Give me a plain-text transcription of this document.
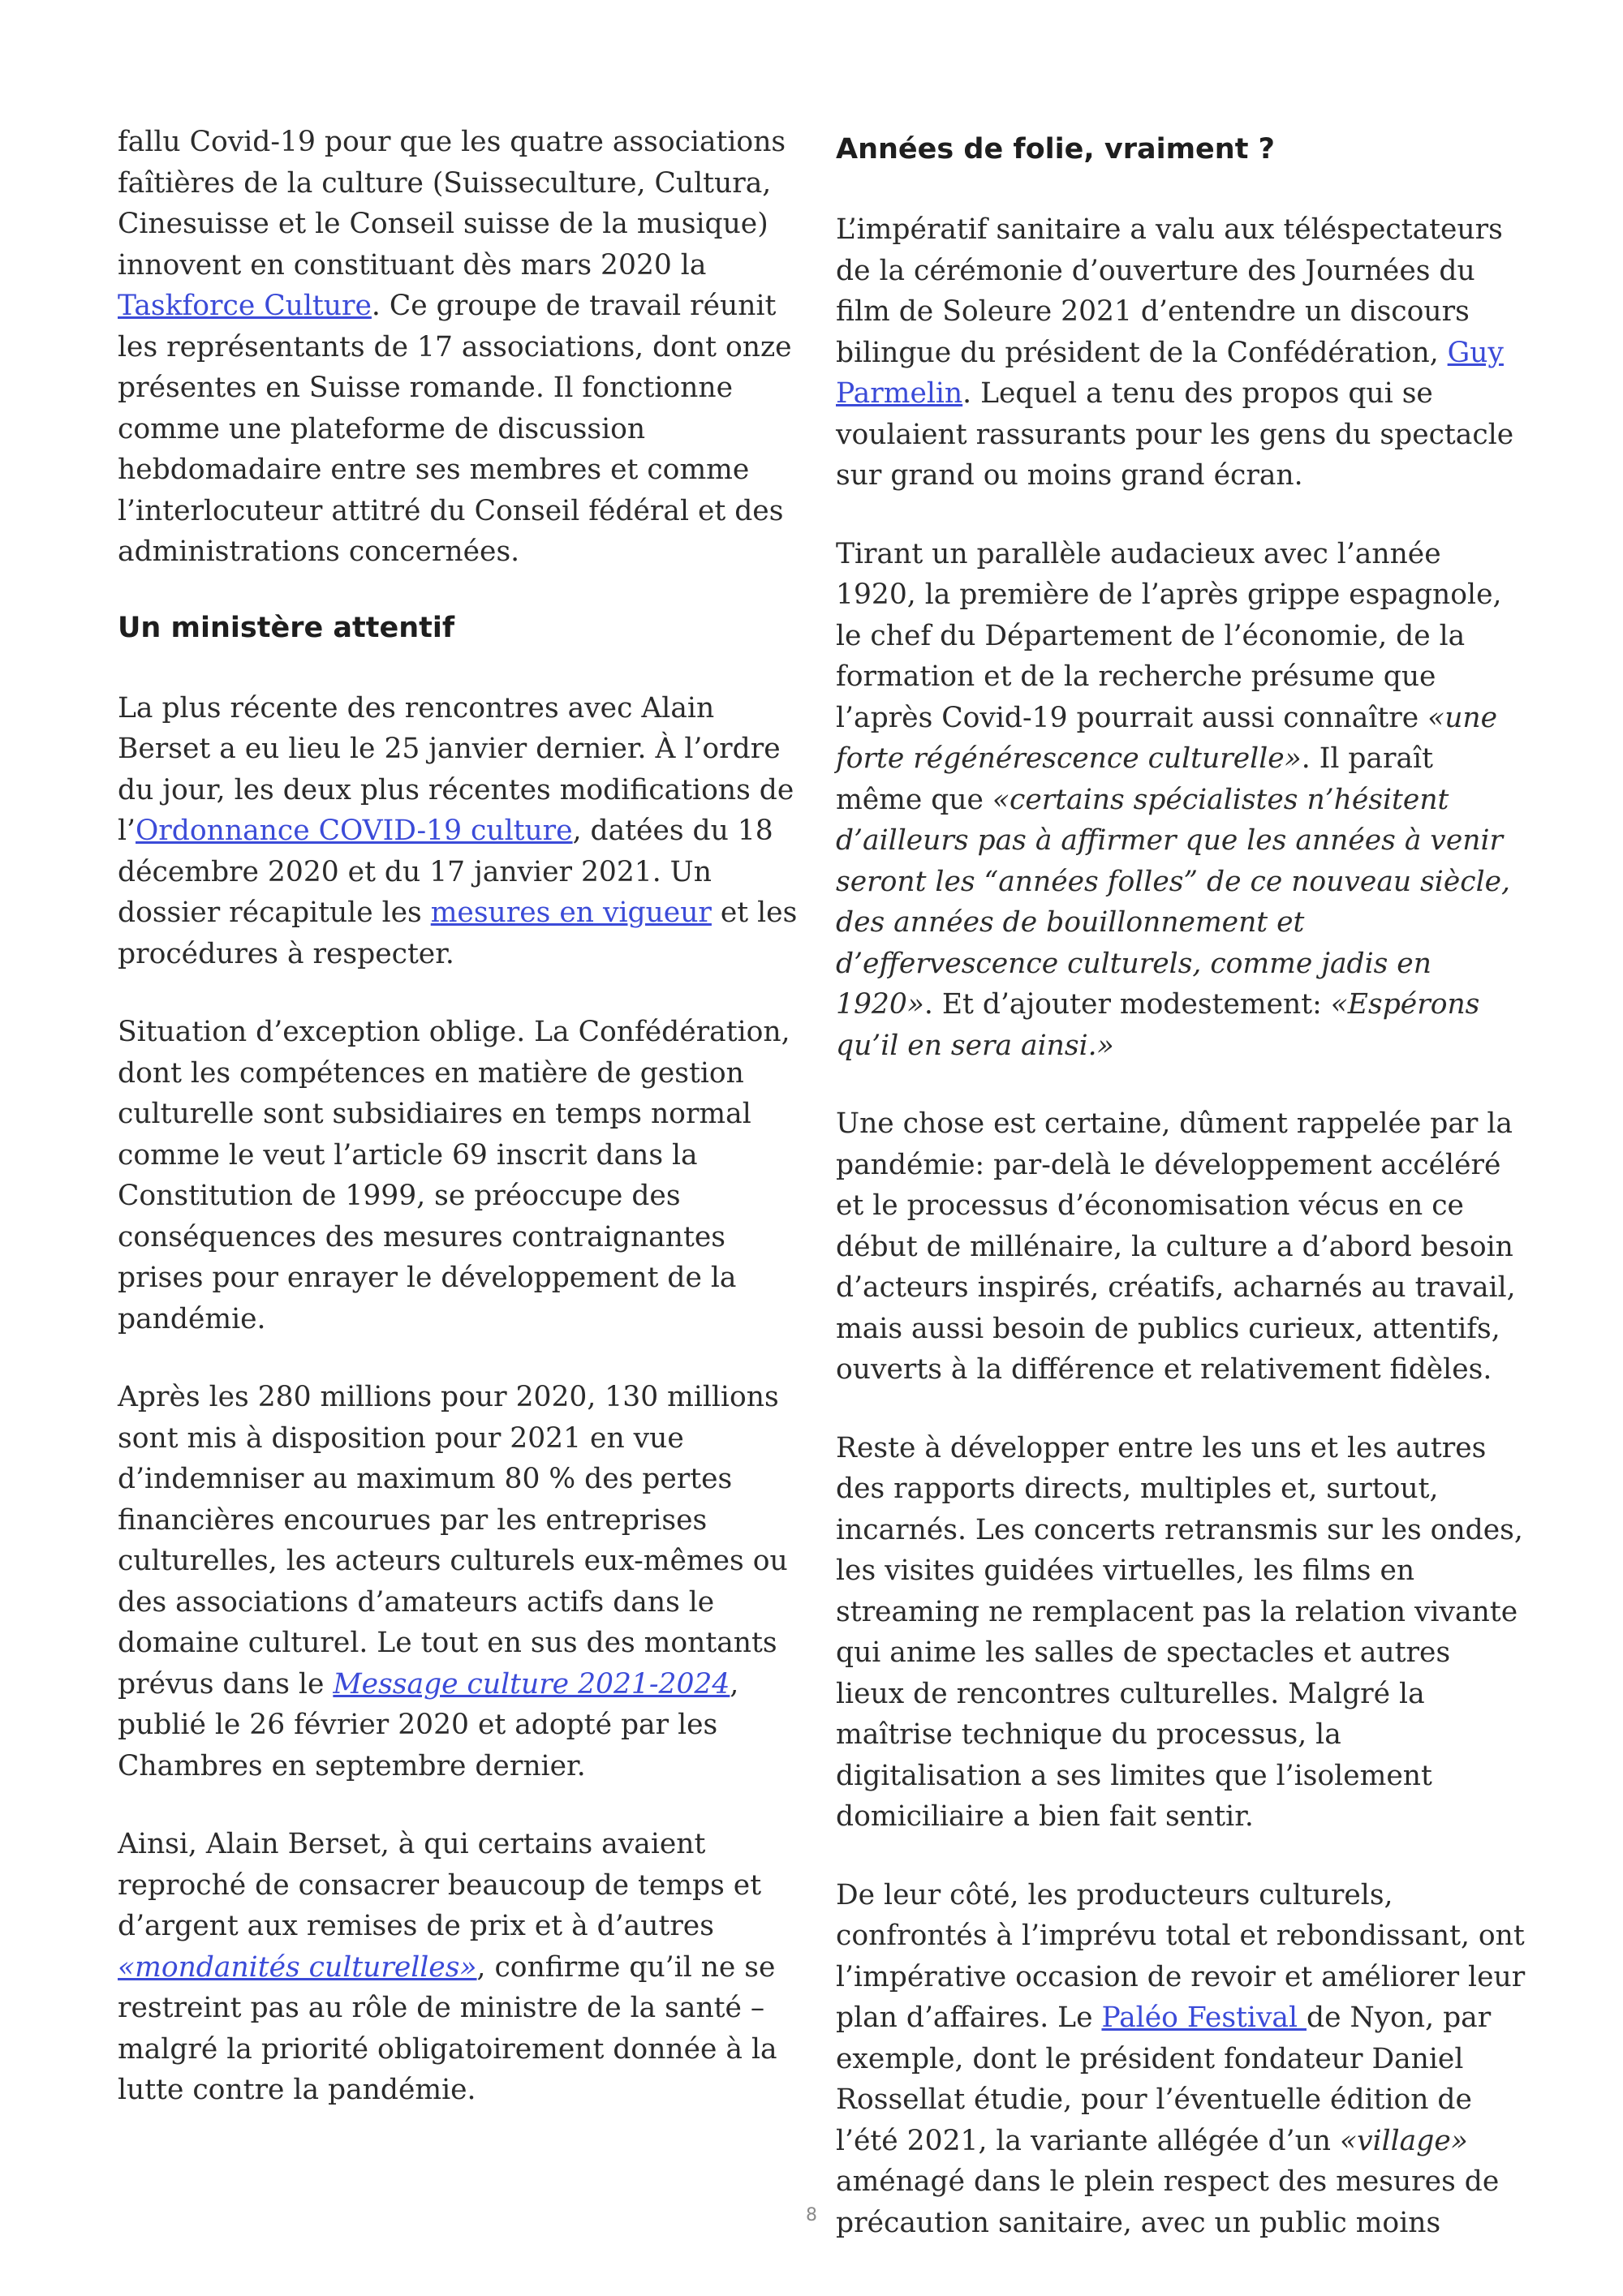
fallu Covid-19 pour que les quatre associations faîtières de la culture (Suisseculture, Cultura, Cinesuisse et le Conseil suisse de la musique) innovent en constituant dès mars 2020 la Taskforce Culture. Ce groupe de travail réunit les représentants de 17 associations, dont onze présentes en Suisse romande. Il fonctionne comme une plateforme de discussion hebdomadaire entre ses membres et comme l’interlocuteur attitré du Conseil fédéral et des administrations concernées.

Un ministère attentif

La plus récente des rencontres avec Alain Berset a eu lieu le 25 janvier dernier. À l’ordre du jour, les deux plus récentes modifications de l’Ordonnance COVID-19 culture, datées du 18 décembre 2020 et du 17 janvier 2021. Un dossier récapitule les mesures en vigueur et les procédures à respecter.

Situation d’exception oblige. La Confédération, dont les compétences en matière de gestion culturelle sont subsidiaires en temps normal comme le veut l’article 69 inscrit dans la Constitution de 1999, se préoccupe des conséquences des mesures contraignantes prises pour enrayer le développement de la pandémie.

Après les 280 millions pour 2020, 130 millions sont mis à disposition pour 2021 en vue d’indemniser au maximum 80 % des pertes financières encourues par les entreprises culturelles, les acteurs culturels eux-mêmes ou des associations d’amateurs actifs dans le domaine culturel. Le tout en sus des montants prévus dans le Message culture 2021-2024, publié le 26 février 2020 et adopté par les Chambres en septembre dernier.

Ainsi, Alain Berset, à qui certains avaient reproché de consacrer beaucoup de temps et d’argent aux remises de prix et à d’autres «mondanités culturelles», confirme qu’il ne se restreint pas au rôle de ministre de la santé – malgré la priorité obligatoirement donnée à la lutte contre la pandémie.

Années de folie, vraiment ?

L’impératif sanitaire a valu aux téléspectateurs de la cérémonie d’ouverture des Journées du film de Soleure 2021 d’entendre un discours bilingue du président de la Confédération, Guy Parmelin. Lequel a tenu des propos qui se voulaient rassurants pour les gens du spectacle sur grand ou moins grand écran.

Tirant un parallèle audacieux avec l’année 1920, la première de l’après grippe espagnole, le chef du Département de l’économie, de la formation et de la recherche présume que l’après Covid-19 pourrait aussi connaître «une forte régénérescence culturelle». Il paraît même que «certains spécialistes n’hésitent d’ailleurs pas à affirmer que les années à venir seront les “années folles” de ce nouveau siècle, des années de bouillonnement et d’effervescence culturels, comme jadis en 1920». Et d’ajouter modestement: «Espérons qu’il en sera ainsi.»

Une chose est certaine, dûment rappelée par la pandémie: par-delà le développement accéléré et le processus d’économisation vécus en ce début de millénaire, la culture a d’abord besoin d’acteurs inspirés, créatifs, acharnés au travail, mais aussi besoin de publics curieux, attentifs, ouverts à la différence et relativement fidèles.

Reste à développer entre les uns et les autres des rapports directs, multiples et, surtout, incarnés. Les concerts retransmis sur les ondes, les visites guidées virtuelles, les films en streaming ne remplacent pas la relation vivante qui anime les salles de spectacles et autres lieux de rencontres culturelles. Malgré la maîtrise technique du processus, la digitalisation a ses limites que l’isolement domiciliaire a bien fait sentir.

De leur côté, les producteurs culturels, confrontés à l’imprévu total et rebondissant, ont l’impérative occasion de revoir et améliorer leur plan d’affaires. Le Paléo Festival de Nyon, par exemple, dont le président fondateur Daniel Rossellat étudie, pour l’éventuelle édition de l’été 2021, la variante allégée d’un «village» aménagé dans le plein respect des mesures de précaution sanitaire, avec un public moins

8
